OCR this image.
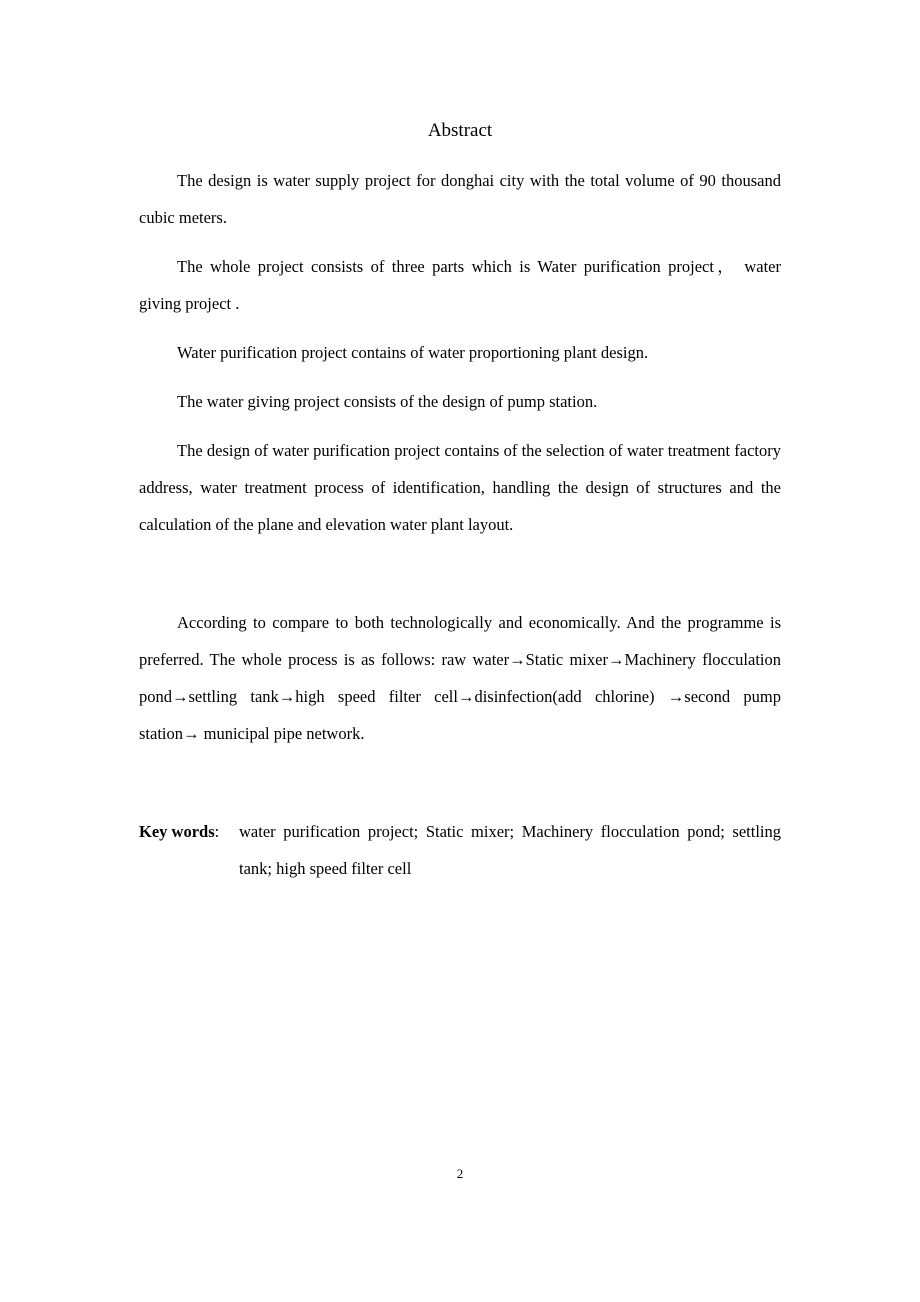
Abstract

The design is water supply project for donghai city with the total volume of 90 thousand cubic meters.

The whole project consists of three parts which is Water purification project， water giving project .

Water purification project contains of water proportioning plant design.

The water giving project consists of the design of pump station.

The design of water purification project contains of the selection of water treatment factory address, water treatment process of identification, handling the design of structures and the calculation of the plane and elevation water plant layout.

According to compare to both technologically and economically. And the programme is preferred. The whole process is as follows: raw water→Static mixer→Machinery flocculation pond→settling tank→high speed filter cell→disinfection(add chlorine) →second pump station→ municipal pipe network.

Key words:	water purification project; Static mixer; Machinery flocculation pond; settling tank; high speed filter cell
2
